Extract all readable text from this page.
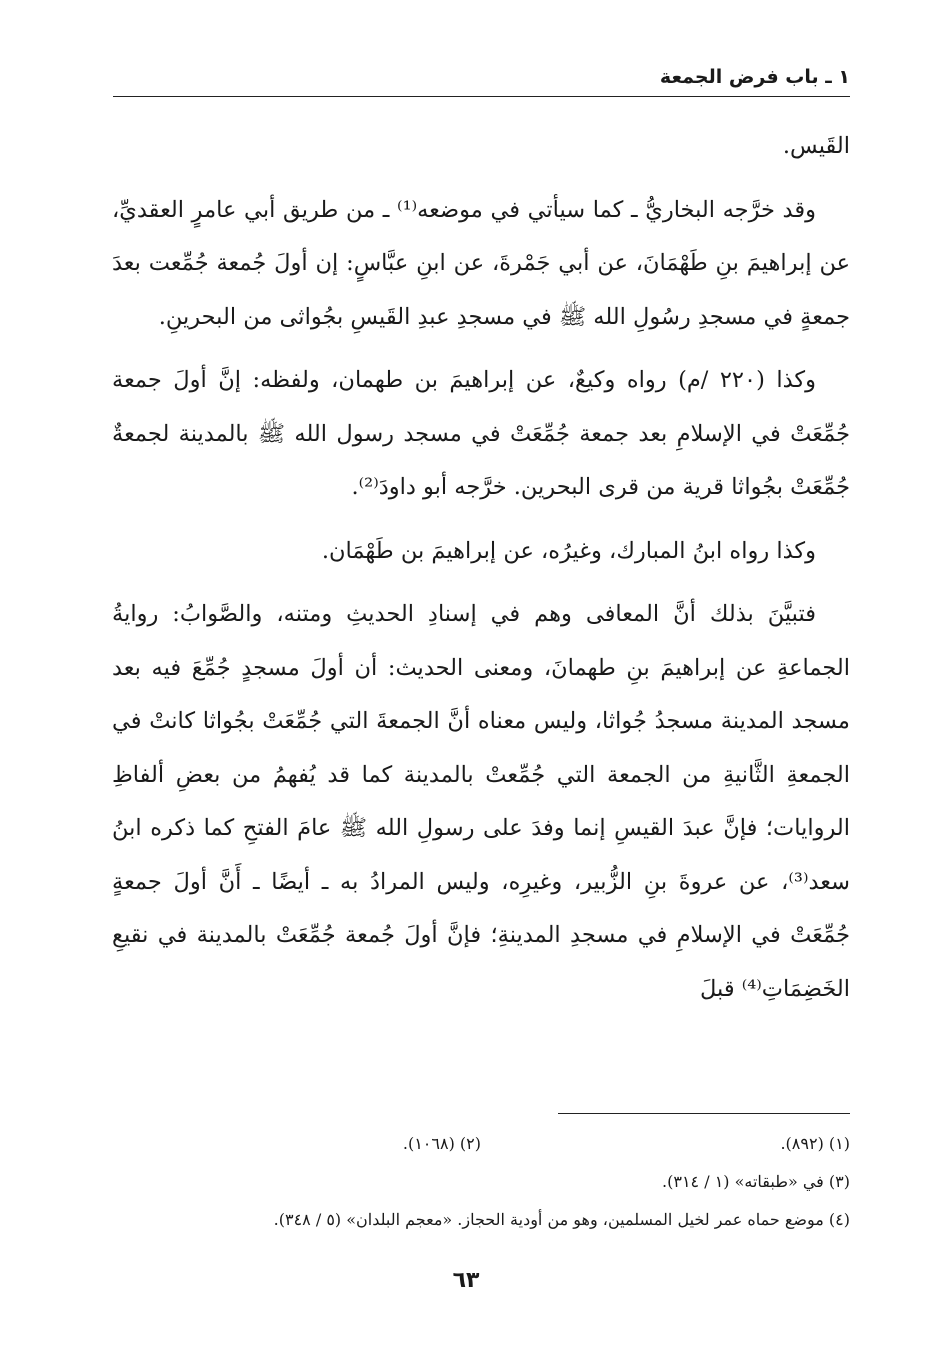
١ ـ باب فرض الجمعة

القَيس.

وقد خرَّجه البخاريُّ ـ كما سيأتي في موضعه⁽¹⁾ ـ من طريق أبي عامرٍ العقديِّ، عن إبراهيمَ بنِ طَهْمَانَ، عن أبي جَمْرةَ، عن ابنِ عبَّاسٍ: إن أولَ جُمعة جُمِّعت بعدَ جمعةٍ في مسجدِ رسُولِ الله ﷺ في مسجدِ عبدِ القَيسِ بجُواثى من البحرينِ.

وكذا (٢٢٠ /م) رواه وكيعٌ، عن إبراهيمَ بن طهمان، ولفظه: إنَّ أولَ جمعة جُمِّعَتْ في الإسلامِ بعد جمعة جُمِّعَتْ في مسجد رسول الله ﷺ بالمدينة لجمعةٌ جُمِّعَتْ بجُواثا قرية من قرى البحرين. خرَّجه أبو داودَ⁽²⁾.

وكذا رواه ابنُ المبارك، وغيرُه، عن إبراهيمَ بن طَهْمَان.

فتبيَّنَ بذلك أنَّ المعافى وهم في إسنادِ الحديثِ ومتنه، والصَّوابُ: روايةُ الجماعةِ عن إبراهيمَ بنِ طهمانَ، ومعنى الحديث: أن أولَ مسجدٍ جُمِّعَ فيه بعد مسجد المدينة مسجدُ جُواثا، وليس معناه أنَّ الجمعةَ التي جُمِّعَتْ بجُواثا كانتْ في الجمعةِ الثَّانيةِ من الجمعة التي جُمِّعتْ بالمدينة كما قد يُفهمُ من بعضِ ألفاظِ الروايات؛ فإنَّ عبدَ القيسِ إنما وفدَ على رسولِ الله ﷺ عامَ الفتحِ كما ذكره ابنُ سعد⁽³⁾، عن عروةَ بنِ الزُّبير، وغيرِه، وليس المرادُ به ـ أيضًا ـ أَنَّ أولَ جمعةٍ جُمِّعَتْ في الإسلامِ في مسجدِ المدينةِ؛ فإنَّ أولَ جُمعة جُمِّعَتْ بالمدينة في نقيعِ الخَضِمَاتِ⁽⁴⁾ قبلَ

(١) (٨٩٢).
(٢) (١٠٦٨).
(٣) في «طبقاته» (١ / ٣١٤).
(٤) موضع حماه عمر لخيل المسلمين، وهو من أودية الحجاز. «معجم البلدان» (٥ / ٣٤٨).
٦٣
